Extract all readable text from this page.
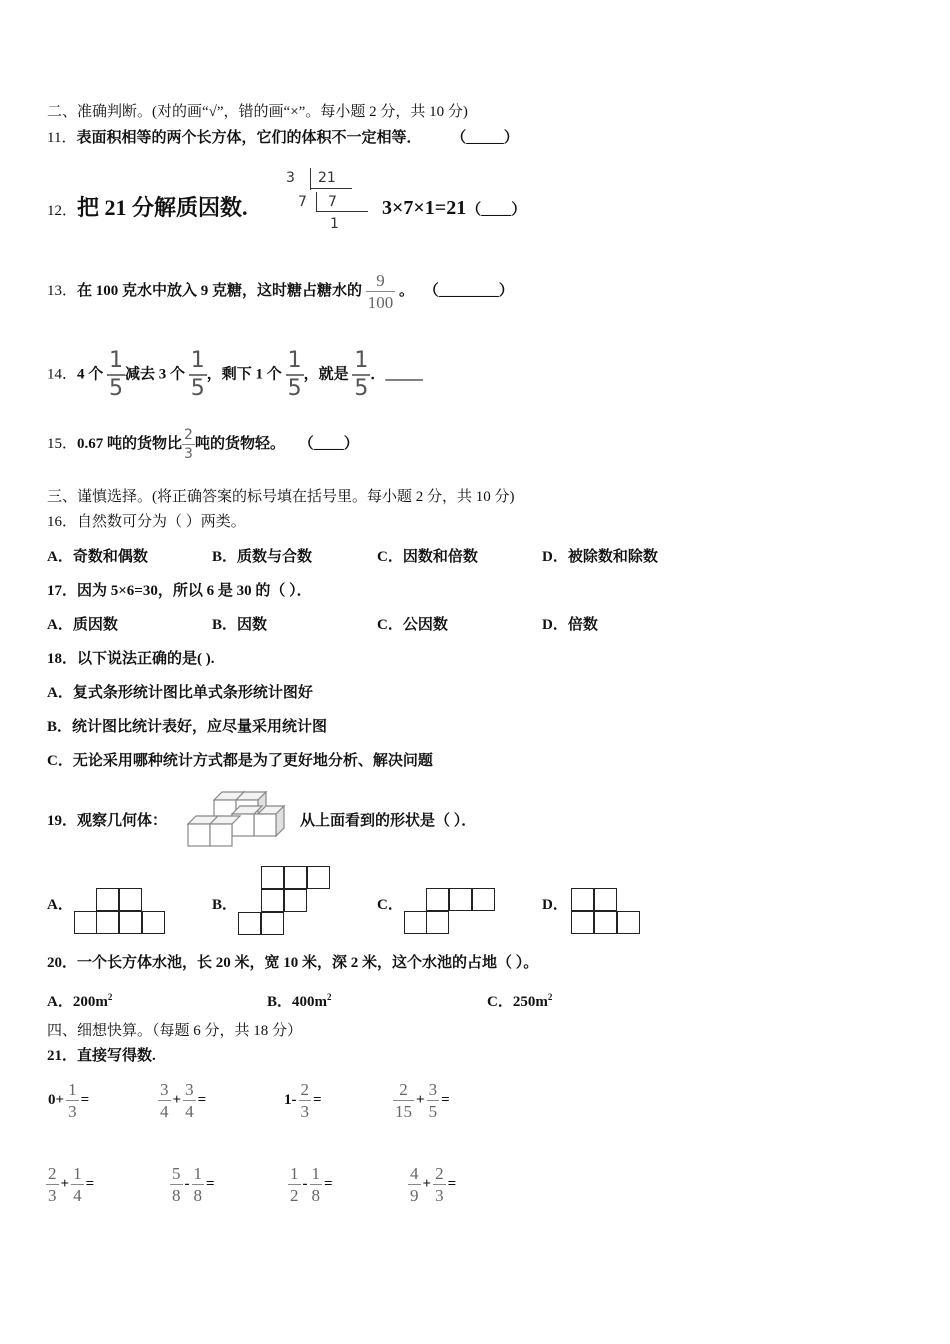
二、准确判断。(对的画“√”，错的画“×”。每小题 2 分，共 10 分)
11．表面积相等的两个长方体，它们的体积不一定相等． （_____）
12．把 21 分解质因数.
3 21
7 7
1
3×7×1=21（____）
13．在 100 克水中放入 9 克糖，这时糖占糖水的 $\frac{9}{100}$ 。 （________）
14．4 个 $\frac{1}{5}$ 减去 3 个 $\frac{1}{5}$ ，剩下 1 个 $\frac{1}{5}$ ，就是 $\frac{1}{5}$ ．_____
15．0.67 吨的货物比 $\frac{2}{3}$ 吨的货物轻。 （____）
三、谨慎选择。(将正确答案的标号填在括号里。每小题 2 分，共 10 分)
16．自然数可分为（ ）两类。
A．奇数和偶数	B．质数与合数	C．因数和倍数	D．被除数和除数
17．因为 5×6=30，所以 6 是 30 的（ ）．
A．质因数	B．因数	C．公因数	D．倍数
18．以下说法正确的是( ).
A．复式条形统计图比单式条形统计图好
B．统计图比统计表好，应尽量采用统计图
C．无论采用哪种统计方式都是为了更好地分析、解决问题
19．观察几何体：	从上面看到的形状是（ ）．
A．	B．	C．	D．
20．一个长方体水池，长 20 米，宽 10 米，深 2 米，这个水池的占地（ ）。
A．$200m^2$	B．$400m^2$	C．$250m^2$
四、细想快算。（每题 6 分，共 18 分）
21．直接写得数.
$0+ \frac{1}{3}$ =	$\frac{3}{4} + \frac{3}{4}$ =	$1- \frac{2}{3}$ =	$\frac{2}{15} + \frac{3}{5}$ =
$\frac{2}{3} + \frac{1}{4}$ =	$\frac{5}{8} - \frac{1}{8}$ =	$\frac{1}{2} - \frac{1}{8}$ =	$\frac{4}{9} + \frac{2}{3}$ =
